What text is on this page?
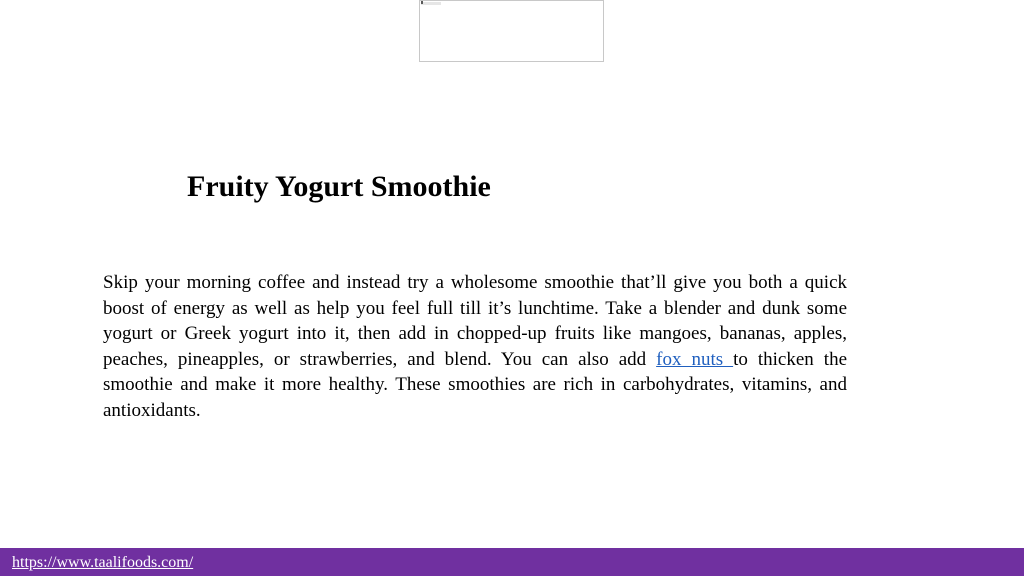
Fruity Yogurt Smoothie

Skip your morning coffee and instead try a wholesome smoothie that’ll give you both a quick boost of energy as well as help you feel full till it’s lunchtime. Take a blender and dunk some yogurt or Greek yogurt into it, then add in chopped-up fruits like mangoes, bananas, apples, peaches, pineapples, or strawberries, and blend. You can also add fox nuts to thicken the smoothie and make it more healthy. These smoothies are rich in carbohydrates, vitamins, and antioxidants.

https://www.taalifoods.com/
